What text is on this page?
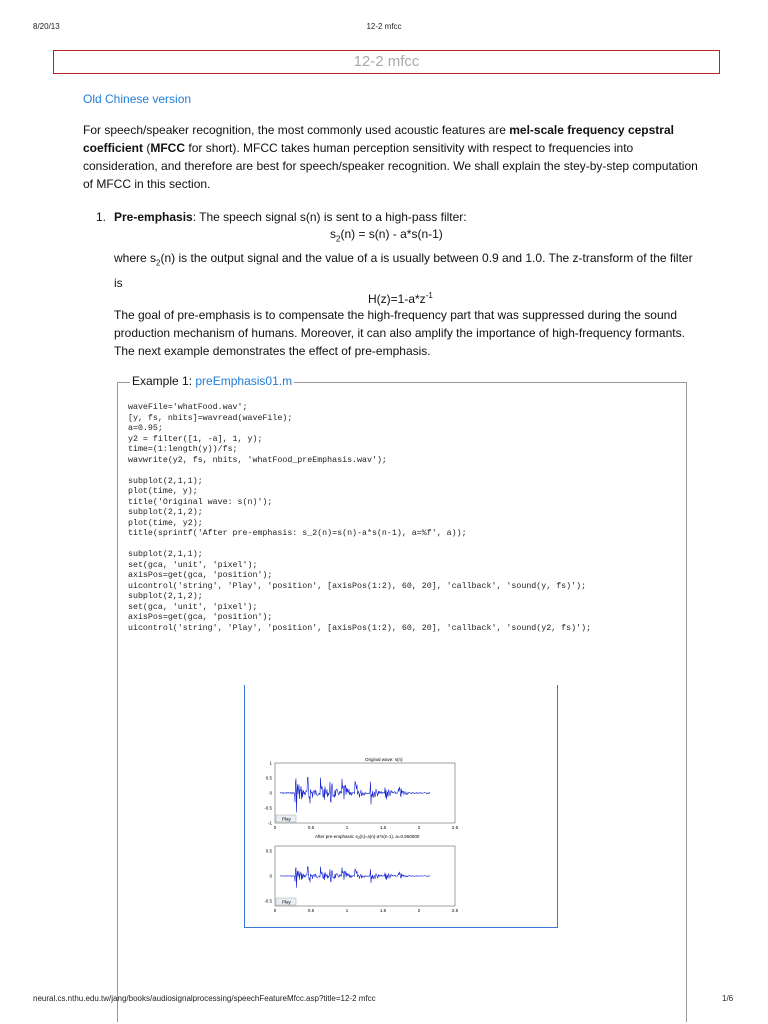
8/20/13	12-2 mfcc
12-2 mfcc
Old Chinese version
For speech/speaker recognition, the most commonly used acoustic features are mel-scale frequency cepstral coefficient (MFCC for short). MFCC takes human perception sensitivity with respect to frequencies into consideration, and therefore are best for speech/speaker recognition. We shall explain the stey-by-step computation of MFCC in this section.
1. Pre-emphasis: The speech signal s(n) is sent to a high-pass filter:
$s_2(n) = s(n) - a*s(n-1)$
where $s_2(n)$ is the output signal and the value of a is usually between 0.9 and 1.0. The z-transform of the filter is
$H(z)=1-a*z^{-1}$
The goal of pre-emphasis is to compensate the high-frequency part that was suppressed during the sound production mechanism of humans. Moreover, it can also amplify the importance of high-frequency formants. The next example demonstrates the effect of pre-emphasis.
Example 1: preEmphasis01.m
waveFile='whatFood.wav';
[y, fs, nbits]=wavread(waveFile);
a=0.95;
y2 = filter([1, -a], 1, y);
time=(1:length(y))/fs;
wavwrite(y2, fs, nbits, 'whatFood_preEmphasis.wav');

subplot(2,1,1);
plot(time, y);
title('Original wave: s(n)');
subplot(2,1,2);
plot(time, y2);
title(sprintf('After pre-emphasis: s_2(n)=s(n)-a*s(n-1), a=%f', a));

subplot(2,1,1);
set(gca, 'unit', 'pixel');
axisPos=get(gca, 'position');
uicontrol('string', 'Play', 'position', [axisPos(1:2), 60, 20], 'callback', 'sound(y, fs)');
subplot(2,1,2);
set(gca, 'unit', 'pixel');
axisPos=get(gca, 'position');
uicontrol('string', 'Play', 'position', [axisPos(1:2), 60, 20], 'callback', 'sound(y2, fs)');
Original wave: s(n)
1
0.5
0
-0.5
-1
0	0.5	1	1.5	2	2.5
Play
After pre-emphasis: $s_2(n)=s(n)-a*s(n-1)$, a=0.950000
0.5
0
-0.5
0	0.5	1	1.5	2	2.5
Play
neural.cs.nthu.edu.tw/jang/books/audiosignalprocessing/speechFeatureMfcc.asp?title=12-2 mfcc	1/6
